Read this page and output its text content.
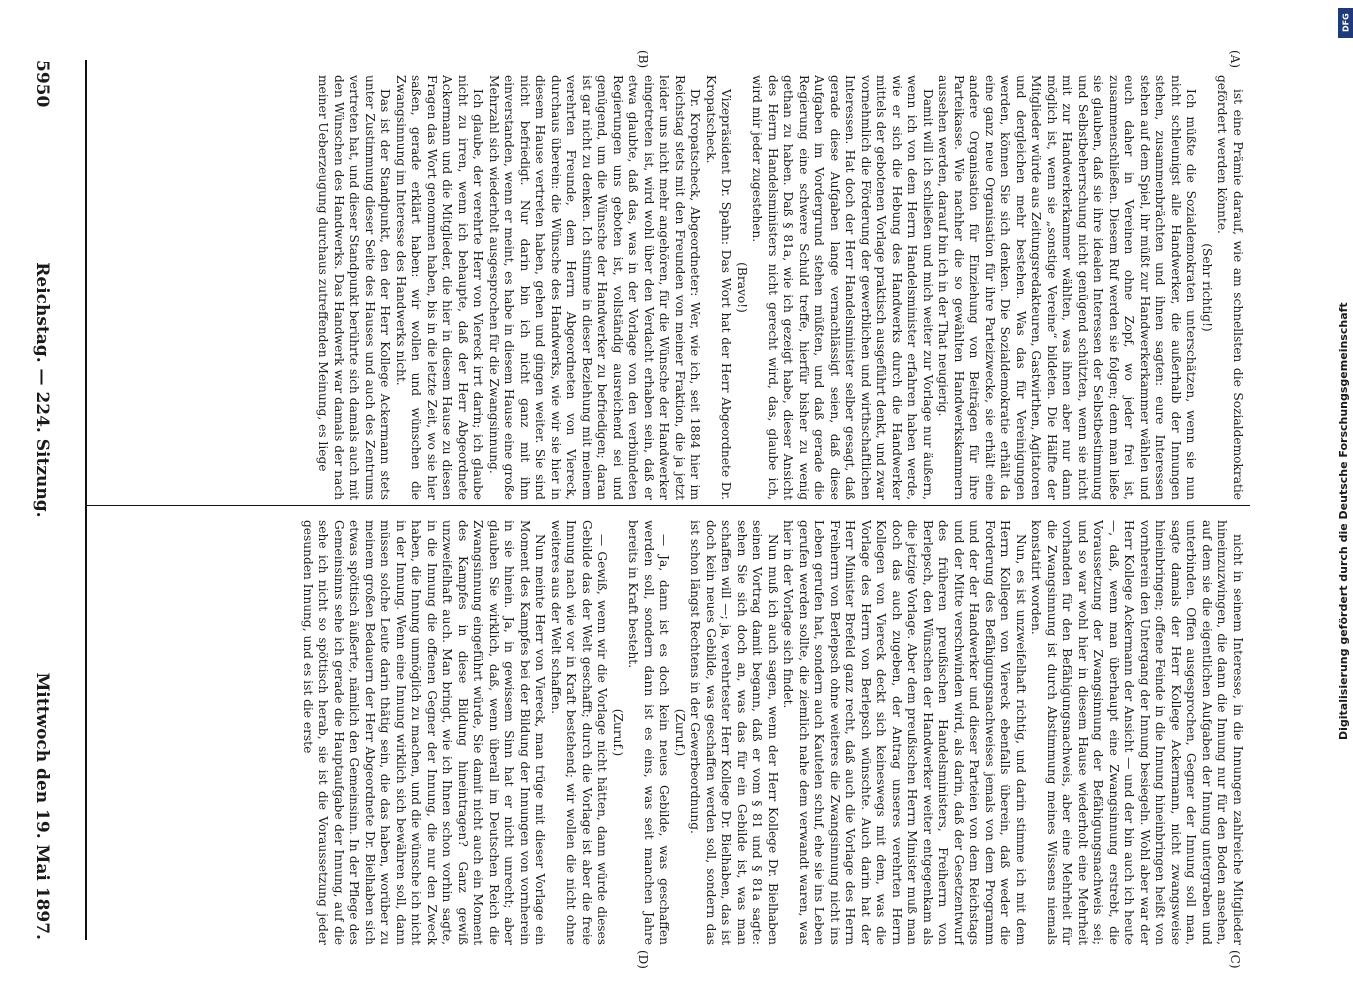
5950
Reichstag. — 224. Sitzung.
Mittwoch den 19. Mai 1897.
(A)
(B)
(C)
(D)

ist eine Prämie darauf, wie am schnellsten die Sozialdemokratie gefördert werden könnte.

(Sehr richtig!)

Ich müßte die Sozialdemokraten unterschätzen, wenn sie nun nicht schleunigst alle Handwerker, die außerhalb der Innungen stehen, zusammenbrächten und ihnen sagten: eure Interessen stehen auf dem Spiel, ihr müßt zur Handwerkerkammer wählen und euch daher in Vereinen ohne Zopf, wo jeder frei ist, zusammenschließen. Diesem Ruf werden sie folgen; denn man ließe sie glauben, daß sie ihre idealen Interessen der Selbstbestimmung und Selbstbeherrschung nicht genügend schützten, wenn sie nicht mit zur Handwerkerkammer wählten, was ihnen aber nur dann möglich ist, wenn sie „sonstige Vereine“ bildeten. Die Hälfte der Mitglieder würde aus Zeitungsredakteuren, Gastwirthen, Agitatoren und dergleichen mehr bestehen. Was das für Vereinigungen werden, können Sie sich denken. Die Sozialdemokratie erhält da eine ganz neue Organisation für ihre Parteizwecke, sie erhält eine andere Organisation für Einziehung von Beiträgen für ihre Parteikasse. Wie nachher die so gewählten Handwerkskammern aussehen werden, darauf bin ich in der That neugierig.

Damit will ich schließen und mich weiter zur Vorlage nur äußern, wenn ich von dem Herrn Handelsminister erfahren haben werde, wie er sich die Hebung des Handwerks durch die Handwerker mittels der gebotenen Vorlage praktisch ausgeführt denkt, und zwar vornehmlich die Förderung der gewerblichen und wirthschaftlichen Interessen. Hat doch der Herr Handelsminister selber gesagt, daß gerade diese Aufgaben lange vernachlässigt seien, daß diese Aufgaben im Vordergrund stehen müßten, und daß gerade die Regierung eine schwere Schuld treffe, hierfür bisher zu wenig gethan zu haben. Daß § 81a, wie ich gezeigt habe, dieser Ansicht des Herrn Handelsministers nicht gerecht wird, das, glaube ich, wird mir jeder zugestehen.

(Bravo!)

Vizepräsident Dr. Spahn: Das Wort hat der Herr Abgeordnete Dr. Kropatscheck.

Dr. Kropatscheck, Abgeordneter: Wer, wie ich, seit 1884 hier im Reichstag stets mit den Freunden von meiner Fraktion, die ja jetzt leider uns nicht mehr angehören, für die Wünsche der Handwerker eingetreten ist, wird wohl über den Verdacht erhaben sein, daß er etwa glaubte, daß das, was in der Vorlage von den verbündeten Regierungen uns geboten ist, vollständig ausreichend sei und genügend, um die Wünsche der Handwerker zu befriedigen; daran ist gar nicht zu denken. Ich stimme in dieser Beziehung mit meinem verehrten Freunde, dem Herrn Abgeordneten von Viereck, durchaus überein: die Wünsche des Handwerks, wie wir sie hier in diesem Hause vertreten haben, gehen und gingen weiter. Sie sind nicht befriedigt. Nur darin bin ich nicht ganz mit ihm einverstanden, wenn er meint, es habe in diesem Hause eine große Mehrzahl sich wiederholt ausgesprochen für die Zwangsinnung.

Ich glaube, der verehrte Herr von Viereck irrt darin; ich glaube nicht zu irren, wenn ich behaupte, daß der Herr Abgeordnete Ackermann und die Mitglieder, die hier in diesem Hause zu diesen Fragen das Wort genommen haben, bis in die letzte Zeit, wo sie hier saßen, gerade erklärt haben: wir wollen und wünschen die Zwangsinnung im Interesse des Handwerks nicht.

Das ist der Standpunkt, den der Herr Kollege Ackermann stets unter Zustimmung dieser Seite des Hauses und auch des Zentrums vertreten hat, und dieser Standpunkt berührte sich damals auch mit den Wünschen des Handwerks. Das Handwerk war damals der nach meiner Ueberzeugung durchaus zutreffenden Meinung, es liege

nicht in seinem Interesse, in die Innungen zahlreiche Mitglieder hineinzuzwingen, die dann die Innung nur für den Boden ansehen, auf dem sie die eigentlichen Aufgaben der Innung untergraben und unterbinden. Offen ausgesprochen, Gegner der Innung soll man, sagte damals der Herr Kollege Ackermann, nicht zwangsweise hineinbringen; offene Feinde in die Innung hineinbringen heißt von vornherein den Untergang der Innung besiegeln. Wohl aber war der Herr Kollege Ackermann der Ansicht — und der bin auch ich heute —, daß, wenn man überhaupt eine Zwangsinnung erstrebt, die Voraussetzung der Zwangsinnung der Befähigungsnachweis sei; und so war wohl hier in diesem Hause wiederholt eine Mehrheit vorhanden für den Befähigungsnachweis, aber eine Mehrheit für die Zwangsinnung ist durch Abstimmung meines Wissens niemals konstatirt worden.

Nun, es ist unzweifelhaft richtig, und darin stimme ich mit dem Herrn Kollegen von Viereck ebenfalls überein, daß weder die Forderung des Befähigungsnachweises jemals von dem Programm und der der Handwerker und dieser Parteien von dem Reichstags und der Mitte verschwinden wird, als darin, daß der Gesetzentwurf des früheren preußischen Handelsministers, Freiherrn von Berlepsch, den Wünschen der Handwerker weiter entgegenkam als die jetzige Vorlage. Aber dem preußischen Herrn Minister muß man doch das auch zugeben, der Antrag unseres verehrten Herrn Kollegen von Viereck deckt sich keineswegs mit dem, was die Vorlage des Herrn von Berlepsch wünschte. Auch darin hat der Herr Minister Brefeld ganz recht, daß auch die Vorlage des Herrn Freiherrn von Berlepsch ohne weiteres die Zwangsinnung nicht ins Leben gerufen hat, sondern auch Kautelen schuf, ehe sie ins Leben gerufen werden sollte, die ziemlich nahe dem verwandt waren, was hier in der Vorlage sich findet.

Nun muß ich auch sagen, wenn der Herr Kollege Dr. Bielhaben seinen Vortrag damit begann, daß er vom § 81 und § 81a sagte: sehen Sie sich doch an, was das für ein Gebilde ist, was man schaffen will —; ja, verehrtester Herr Kollege Dr. Bielhaben, das ist doch kein neues Gebilde, was geschaffen werden soll, sondern das ist schon längst Rechtens in der Gewerbeordnung.

(Zuruf.)

— Ja, dann ist es doch kein neues Gebilde, was geschaffen werden soll, sondern dann ist es eins, was seit manchen Jahre bereits in Kraft besteht.

(Zuruf.)

— Gewiß, wenn wir die Vorlage nicht hätten, dann würde dieses Gebilde das der Welt geschafft; durch die Vorlage ist aber die freie Innung nach wie vor in Kraft bestehend; wir wollen die nicht ohne weiteres aus der Welt schaffen.

Nun meinte Herr von Viereck, man trüge mit dieser Vorlage ein Moment des Kampfes bei der Bildung der Innungen von vornherein in sie hinein. Ja, in gewissem Sinn hat er nicht unrecht; aber glauben Sie wirklich, daß, wenn überall im Deutschen Reich die Zwangsinnung eingeführt würde, Sie damit nicht auch ein Moment des Kampfes in diese Bildung hineintragen? Ganz gewiß unzweifelhaft auch. Man bringt, wie ich Ihnen schon vorhin sagte, in die Innung die offenen Gegner der Innung, die nur den Zweck haben, die Innung unmöglich zu machen, und die wünsche ich nicht in der Innung. Wenn eine Innung wirklich sich bewähren soll, dann müssen solche Leute darin thätig sein, die das haben, worüber zu meinem großen Bedauern der Herr Abgeordnete Dr. Bielhaben sich etwas spöttisch äußerte, nämlich den Gemeinsinn. In der Pflege des Gemeinsinns sehe ich gerade die Hauptaufgabe der Innung, auf die sehe ich nicht so spöttisch herab, sie ist die Voraussetzung jeder gesunden Innung, und es ist die erste

DFG
Digitalisierung gefördert durch die Deutsche Forschungsgemeinschaft
